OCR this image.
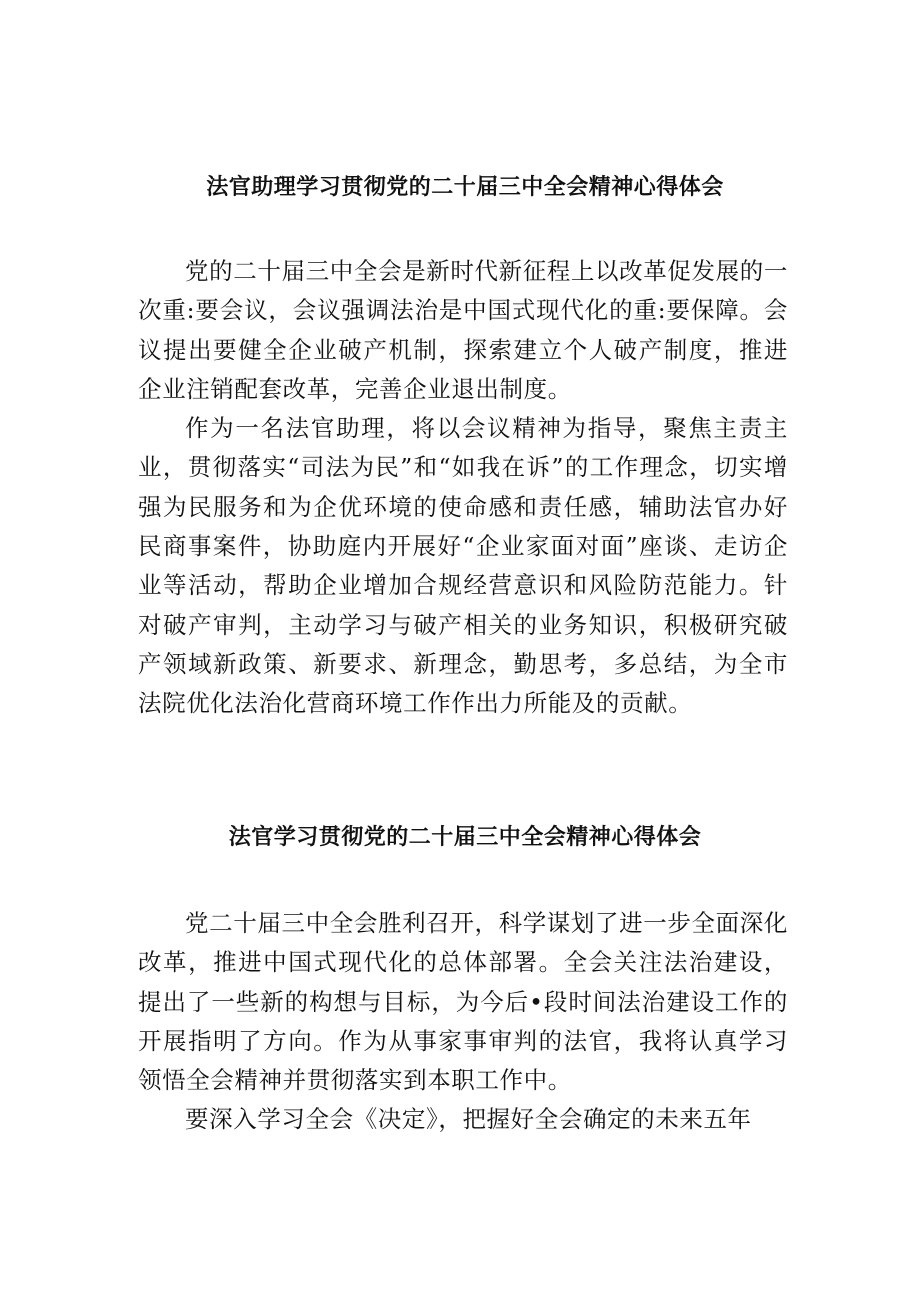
法官助理学习贯彻党的二十届三中全会精神心得体会

党的二十届三中全会是新时代新征程上以改革促发展的一次重:要会议，会议强调法治是中国式现代化的重:要保障。会议提出要健全企业破产机制，探索建立个人破产制度，推进企业注销配套改革，完善企业退出制度。

作为一名法官助理，将以会议精神为指导，聚焦主责主业，贯彻落实“司法为民”和“如我在诉”的工作理念，切实增强为民服务和为企优环境的使命感和责任感，辅助法官办好民商事案件，协助庭内开展好“企业家面对面”座谈、走访企业等活动，帮助企业增加合规经营意识和风险防范能力。针对破产审判，主动学习与破产相关的业务知识，积极研究破产领域新政策、新要求、新理念，勤思考，多总结，为全市法院优化法治化营商环境工作作出力所能及的贡献。

法官学习贯彻党的二十届三中全会精神心得体会

党二十届三中全会胜利召开，科学谋划了进一步全面深化改革，推进中国式现代化的总体部署。全会关注法治建设，提出了一些新的构想与目标，为今后•段时间法治建设工作的开展指明了方向。作为从事家事审判的法官，我将认真学习领悟全会精神并贯彻落实到本职工作中。

要深入学习全会《决定》，把握好全会确定的未来五年
